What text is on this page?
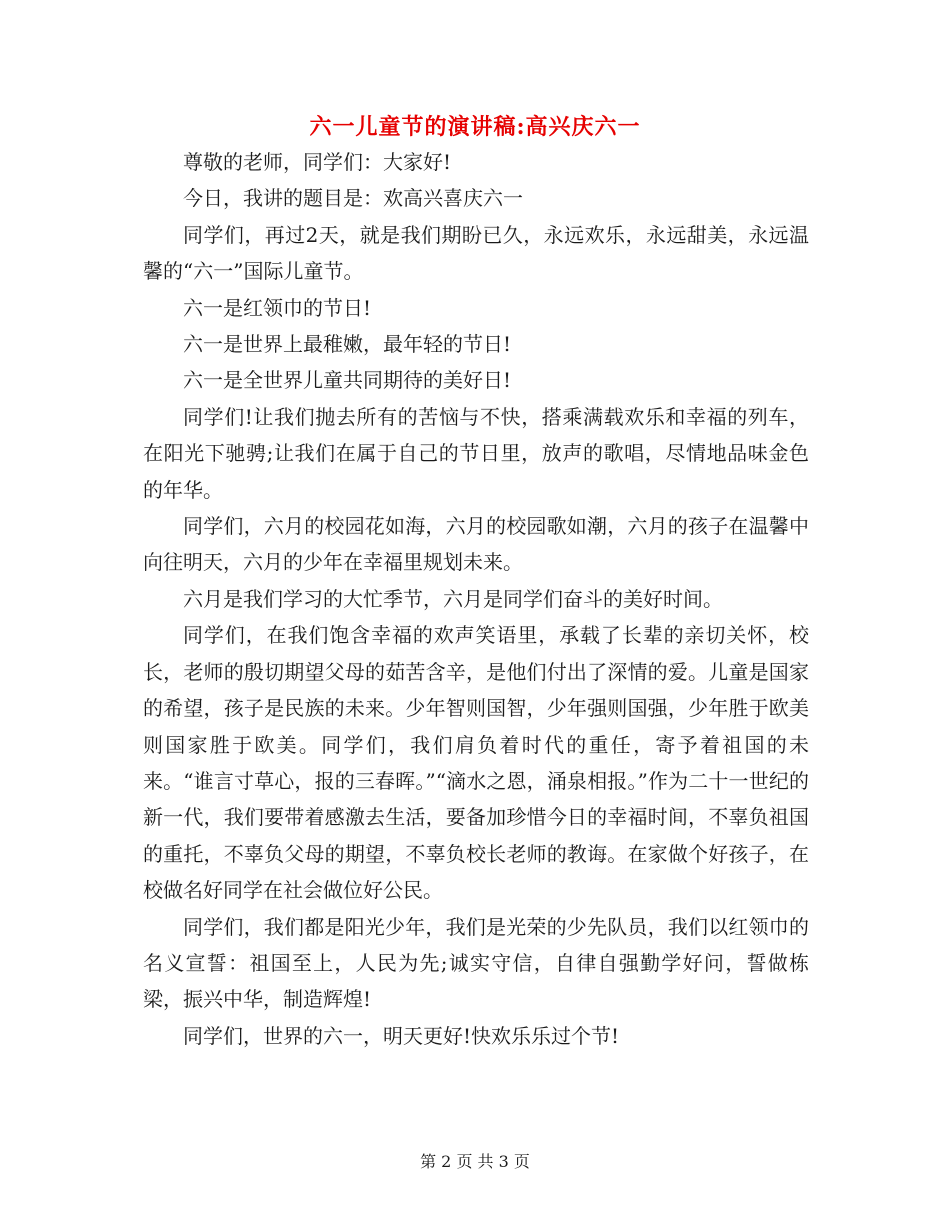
六一儿童节的演讲稿:高兴庆六一

尊敬的老师，同学们：大家好!

今日，我讲的题目是：欢高兴喜庆六一

同学们，再过2天，就是我们期盼已久，永远欢乐，永远甜美，永远温馨的“六一”国际儿童节。

六一是红领巾的节日!

六一是世界上最稚嫩，最年轻的节日!

六一是全世界儿童共同期待的美好日!

同学们!让我们抛去所有的苦恼与不快，搭乘满载欢乐和幸福的列车，在阳光下驰骋;让我们在属于自己的节日里，放声的歌唱，尽情地品味金色的年华。

同学们，六月的校园花如海，六月的校园歌如潮，六月的孩子在温馨中向往明天，六月的少年在幸福里规划未来。

六月是我们学习的大忙季节，六月是同学们奋斗的美好时间。

同学们，在我们饱含幸福的欢声笑语里，承载了长辈的亲切关怀，校长，老师的殷切期望父母的茹苦含辛，是他们付出了深情的爱。儿童是国家的希望，孩子是民族的未来。少年智则国智，少年强则国强，少年胜于欧美则国家胜于欧美。同学们，我们肩负着时代的重任，寄予着祖国的未来。“谁言寸草心，报的三春晖。”“滴水之恩，涌泉相报。”作为二十一世纪的新一代，我们要带着感激去生活，要备加珍惜今日的幸福时间，不辜负祖国的重托，不辜负父母的期望，不辜负校长老师的教诲。在家做个好孩子，在校做名好同学在社会做位好公民。

同学们，我们都是阳光少年，我们是光荣的少先队员，我们以红领巾的名义宣誓：祖国至上，人民为先;诚实守信，自律自强勤学好问，誓做栋梁，振兴中华，制造辉煌!

同学们，世界的六一，明天更好!快欢乐乐过个节!

第 2 页 共 3 页
